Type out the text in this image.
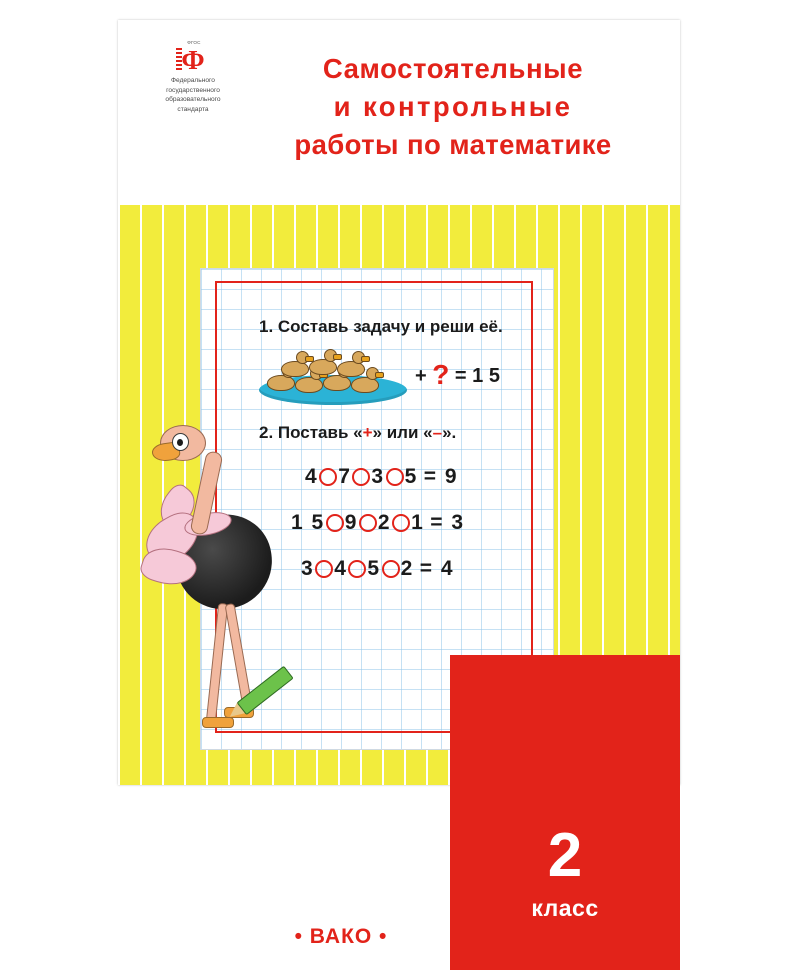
ФГОС
Ф
Федерального
государственного
образовательного
стандарта
Самостоятельные
и контрольные
работы по математике
1. Составь задачу и реши её.
+ ? = 1 5
2. Поставь «+» или «–».
4 7 3 5 = 9
1 5 9 2 1 = 3
3 4 5 2 = 4
• ВАКО •
2
класс
